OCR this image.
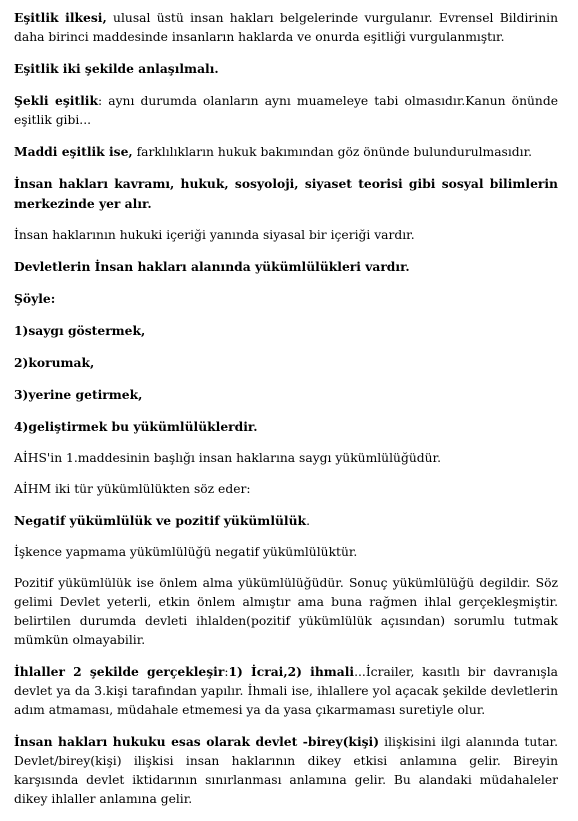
Eşitlik ilkesi, ulusal üstü insan hakları belgelerinde vurgulanır. Evrensel Bildirinin daha birinci maddesinde insanların haklarda ve onurda eşitliği vurgulanmıştır.

Eşitlik iki şekilde anlaşılmalı.

Şekli eşitlik: aynı durumda olanların aynı muameleye tabi olmasıdır.Kanun önünde eşitlik gibi...

Maddi eşitlik ise, farklılıkların hukuk bakımından göz önünde bulundurulmasıdır.

İnsan hakları kavramı, hukuk, sosyoloji, siyaset teorisi gibi sosyal bilimlerin merkezinde yer alır.

İnsan haklarının hukuki içeriği yanında siyasal bir içeriği vardır.

Devletlerin İnsan hakları alanında yükümlülükleri vardır.

Şöyle:

1)saygı göstermek,

2)korumak,

3)yerine getirmek,

4)geliştirmek bu yükümlülüklerdir.

AİHS'in 1.maddesinin başlığı insan haklarına saygı yükümlülüğüdür.

AİHM iki tür yükümlülükten söz eder:

Negatif yükümlülük ve pozitif yükümlülük.

İşkence yapmama yükümlülüğü negatif yükümlülüktür.

Pozitif yükümlülük ise önlem alma yükümlülüğüdür. Sonuç yükümlülüğü degildir. Söz gelimi Devlet yeterli, etkin önlem almıştır ama buna rağmen ihlal gerçekleşmiştir. belirtilen durumda devleti ihlalden(pozitif yükümlülük açısından) sorumlu tutmak mümkün olmayabilir.

İhlaller 2 şekilde gerçekleşir:1) İcrai,2) ihmali...İcrailer, kasıtlı bir davranışla devlet ya da 3.kişi tarafından yapılır. İhmali ise, ihlallere yol açacak şekilde devletlerin adım atmaması, müdahale etmemesi ya da yasa çıkarmaması suretiyle olur.

İnsan hakları hukuku esas olarak devlet -birey(kişi) ilişkisini ilgi alanında tutar. Devlet/birey(kişi) ilişkisi insan haklarının dikey etkisi anlamına gelir. Bireyin karşısında devlet iktidarının sınırlanması anlamına gelir. Bu alandaki müdahaleler dikey ihlaller anlamına gelir.
